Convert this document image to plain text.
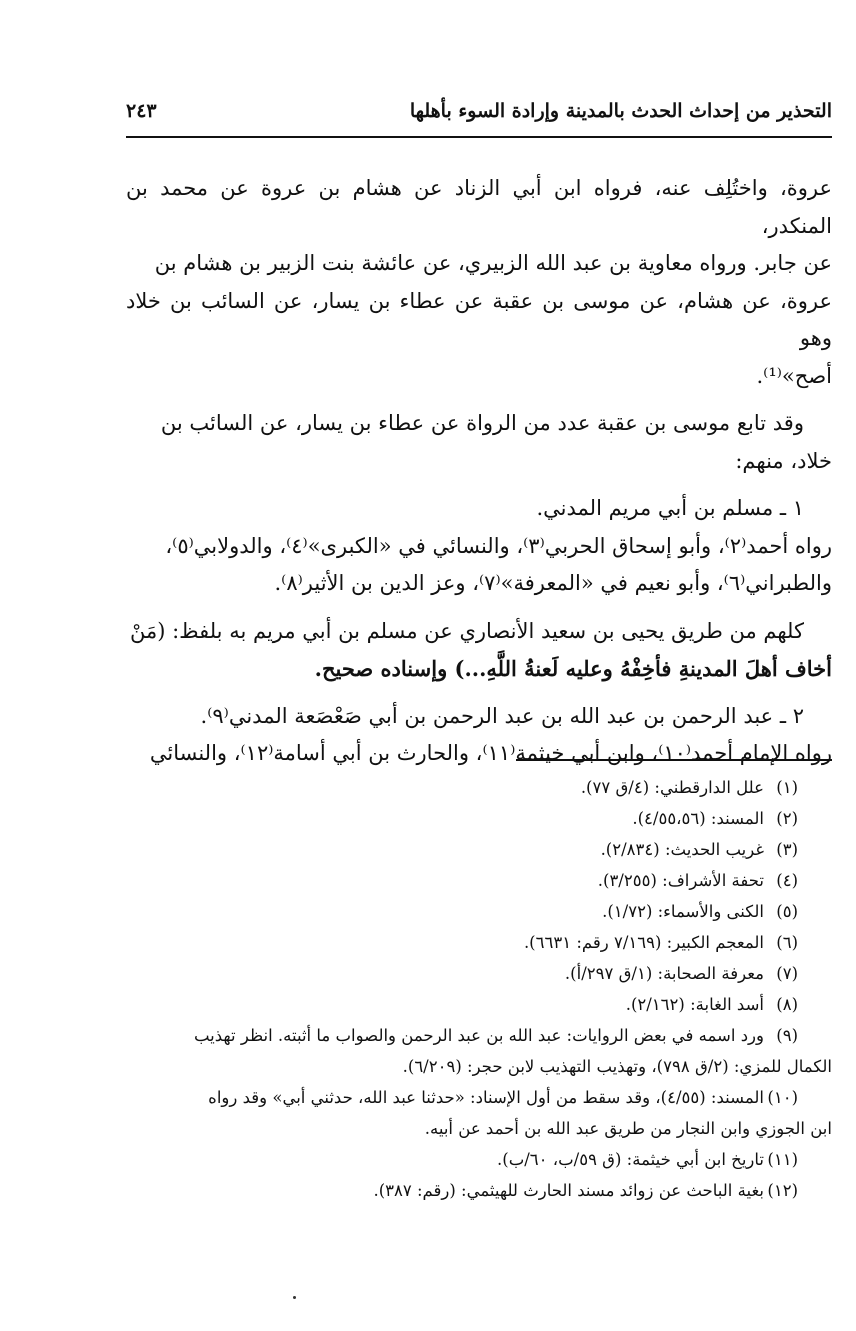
التحذير من إحداث الحدث بالمدينة وإرادة السوء بأهلها
٢٤٣

عروة، واختُلِف عنه، فرواه ابن أبي الزناد عن هشام بن عروة عن محمد بن المنكدر،

عن جابر. ورواه معاوية بن عبد الله الزبيري، عن عائشة بنت الزبير بن هشام بن

عروة، عن هشام، عن موسى بن عقبة عن عطاء بن يسار، عن السائب بن خلاد وهو

أصح»⁽¹⁾.

وقد تابع موسى بن عقبة عدد من الرواة عن عطاء بن يسار، عن السائب بن

خلاد، منهم:

١ ـ مسلم بن أبي مريم المدني.

رواه أحمد⁽٢⁾، وأبو إسحاق الحربي⁽٣⁾، والنسائي في «الكبرى»⁽٤⁾، والدولابي⁽٥⁾،

والطبراني⁽٦⁾، وأبو نعيم في «المعرفة»⁽٧⁾، وعز الدين بن الأثير⁽٨⁾.

كلهم من طريق يحيى بن سعيد الأنصاري عن مسلم بن أبي مريم به بلفظ: (مَنْ

أخاف أهلَ المدينةِ فأخِفْهُ وعليه لَعنةُ اللَّهِ...) وإسناده صحيح.

٢ ـ عبد الرحمن بن عبد الله بن عبد الرحمن بن أبي صَعْصَعة المدني⁽٩⁾.

رواه الإمام أحمد⁽١٠⁾، وابن أبي خيثمة⁽١١⁾، والحارث بن أبي أسامة⁽١٢⁾، والنسائي

(١)علل الدارقطني: (٤/ق ٧٧).

(٢)المسند: (٤/٥٥،٥٦).

(٣)غريب الحديث: (٢/٨٣٤).

(٤)تحفة الأشراف: (٣/٢٥٥).

(٥)الكنى والأسماء: (١/٧٢).

(٦)المعجم الكبير: (٧/١٦٩ رقم: ٦٦٣١).

(٧)معرفة الصحابة: (١/ق ٢٩٧/أ).

(٨)أسد الغابة: (٢/١٦٢).

(٩)ورد اسمه في بعض الروايات: عبد الله بن عبد الرحمن والصواب ما أثبته. انظر تهذيب

الكمال للمزي: (٢/ق ٧٩٨)، وتهذيب التهذيب لابن حجر: (٦/٢٠٩).

(١٠)المسند: (٤/٥٥)، وقد سقط من أول الإسناد: «حدثنا عبد الله، حدثني أبي» وقد رواه

ابن الجوزي وابن النجار من طريق عبد الله بن أحمد عن أبيه.

(١١)تاريخ ابن أبي خيثمة: (ق ٥٩/ب، ٦٠/ب).

(١٢)بغية الباحث عن زوائد مسند الحارث للهيثمي: (رقم: ٣٨٧).
